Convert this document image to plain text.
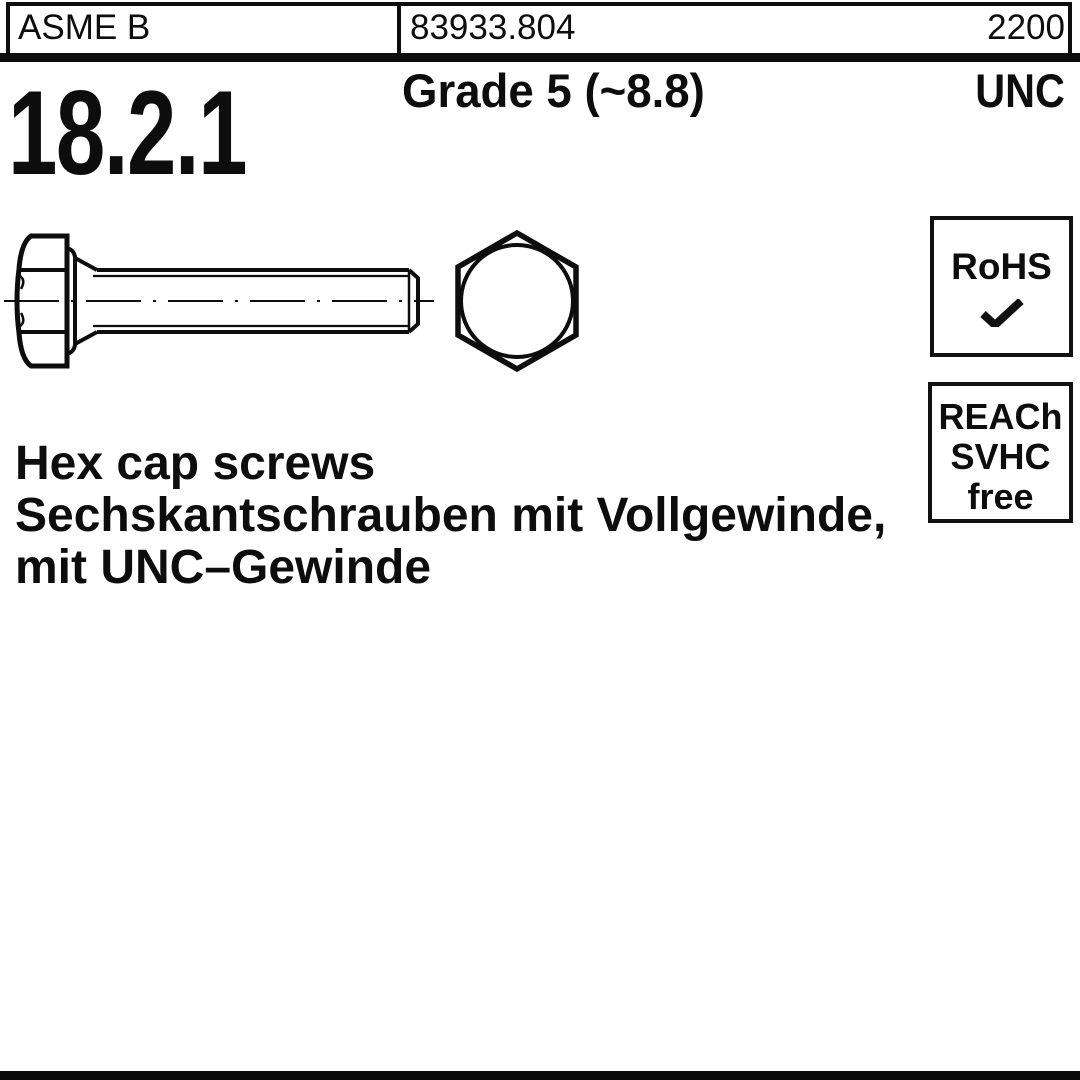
ASME B	83933.804	2200
18.2.1	Grade 5 (~8.8)	UNC
RoHS
REACh
SVHC
free
Hex cap screws
Sechskantschrauben mit Vollgewinde,
mit UNC–Gewinde
